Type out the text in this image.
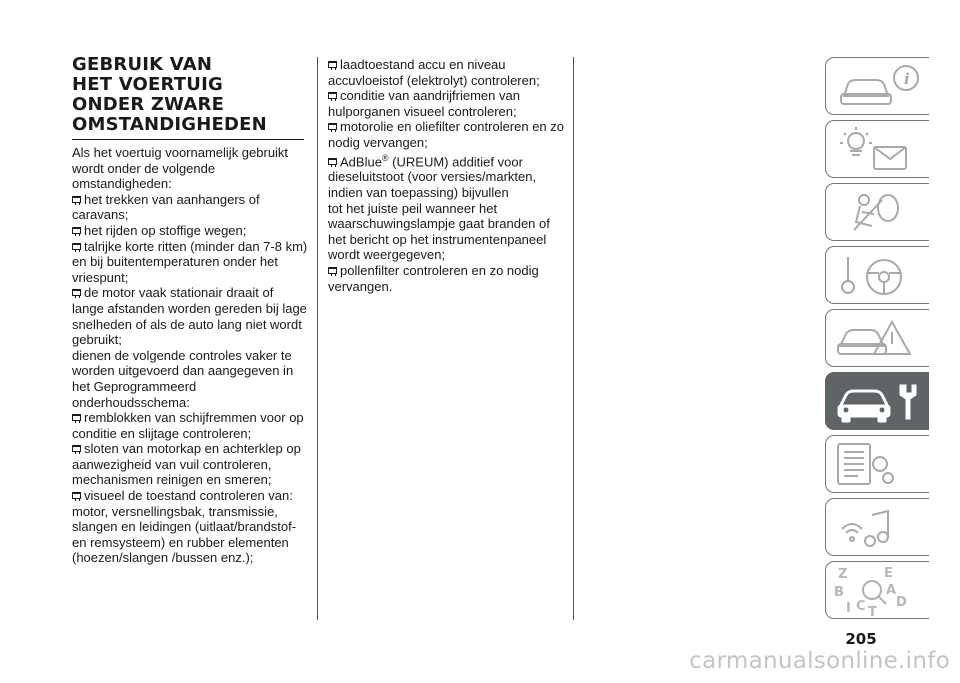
GEBRUIK VAN
HET VOERTUIG
ONDER ZWARE
OMSTANDIGHEDEN

Als het voertuig voornamelijk gebruikt wordt onder de volgende omstandigheden:

het trekken van aanhangers of caravans;

het rijden op stoffige wegen;

talrijke korte ritten (minder dan 7-8 km) en bij buitentemperaturen onder het vriespunt;

de motor vaak stationair draait of lange afstanden worden gereden bij lage snelheden of als de auto lang niet wordt gebruikt;

dienen de volgende controles vaker te worden uitgevoerd dan aangegeven in het Geprogrammeerd onderhoudsschema:

remblokken van schijfremmen voor op conditie en slijtage controleren;

sloten van motorkap en achterklep op aanwezigheid van vuil controleren, mechanismen reinigen en smeren;

visueel de toestand controleren van: motor, versnellingsbak, transmissie, slangen en leidingen (uitlaat/brandstof-en remsysteem) en rubber elementen (hoezen/slangen /bussen enz.);

laadtoestand accu en niveau accuvloeistof (elektrolyt) controleren;

conditie van aandrijfriemen van hulporganen visueel controleren;

motorolie en oliefilter controleren en zo nodig vervangen;

AdBlue® (UREUM) additief voor dieseluitstoot (voor versies/markten, indien van toepassing) bijvullen

tot het juiste peil wanneer het waarschuwingslampje gaat branden of het bericht op het instrumentenpaneel wordt weergegeven;

pollenfilter controleren en zo nodig vervangen.

i
Z	E
B	A
I C T
D
205
carmanualsonline.info
